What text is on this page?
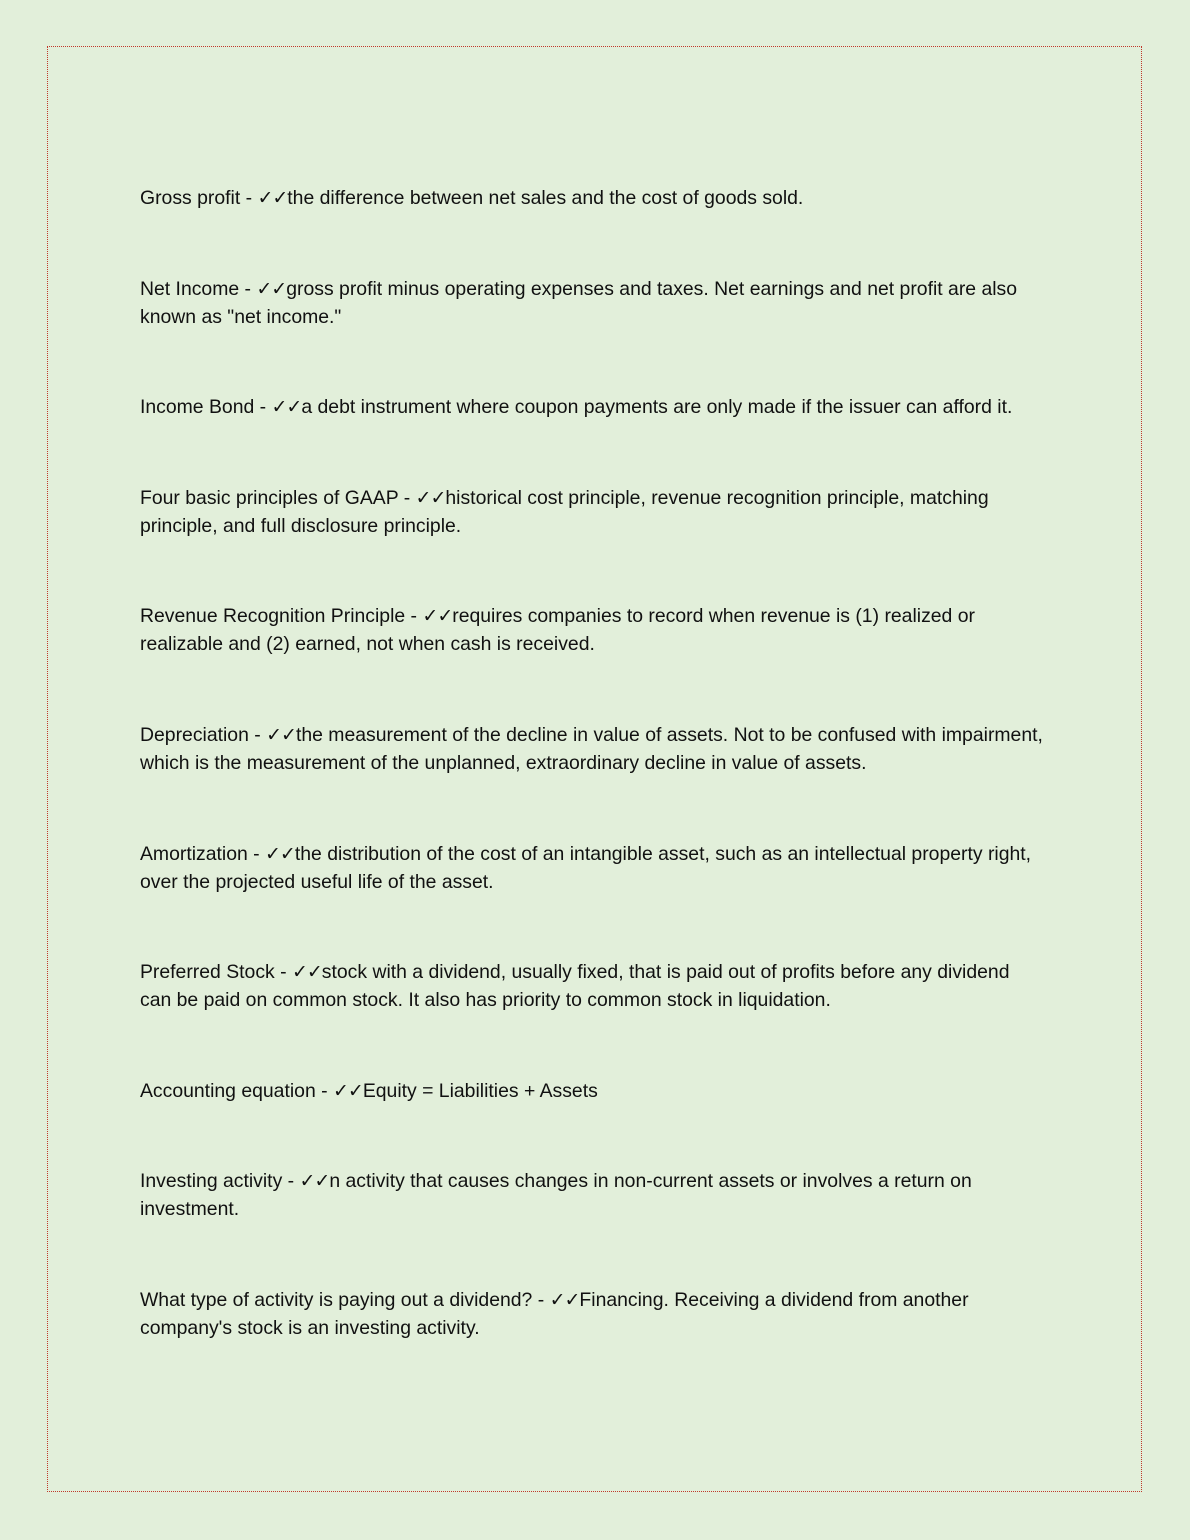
Gross profit - ✓✓the difference between net sales and the cost of goods sold.

Net Income - ✓✓gross profit minus operating expenses and taxes. Net earnings and net profit are also known as "net income."

Income Bond - ✓✓a debt instrument where coupon payments are only made if the issuer can afford it.

Four basic principles of GAAP - ✓✓historical cost principle, revenue recognition principle, matching principle, and full disclosure principle.

Revenue Recognition Principle - ✓✓requires companies to record when revenue is (1) realized or realizable and (2) earned, not when cash is received.

Depreciation - ✓✓the measurement of the decline in value of assets. Not to be confused with impairment, which is the measurement of the unplanned, extraordinary decline in value of assets.

Amortization - ✓✓the distribution of the cost of an intangible asset, such as an intellectual property right, over the projected useful life of the asset.

Preferred Stock - ✓✓stock with a dividend, usually fixed, that is paid out of profits before any dividend can be paid on common stock. It also has priority to common stock in liquidation.

Accounting equation - ✓✓Equity = Liabilities + Assets

Investing activity - ✓✓n activity that causes changes in non-current assets or involves a return on investment.

What type of activity is paying out a dividend? - ✓✓Financing. Receiving a dividend from another company's stock is an investing activity.
